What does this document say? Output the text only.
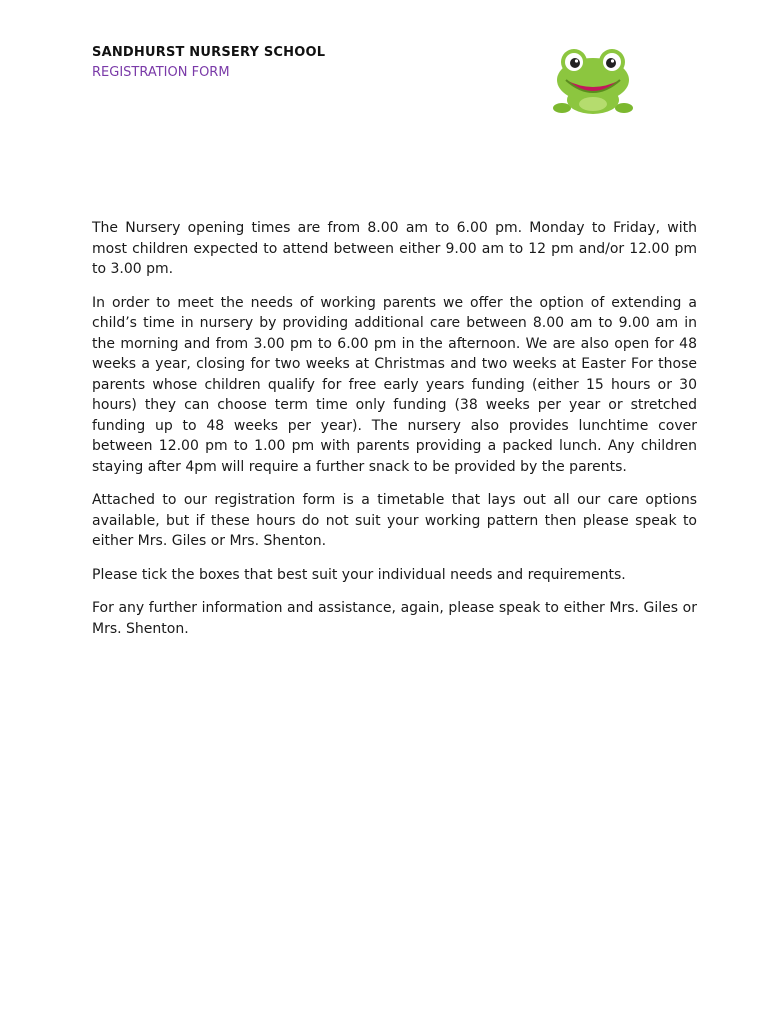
SANDHURST NURSERY SCHOOL
REGISTRATION FORM

The Nursery opening times are from 8.00 am to 6.00 pm. Monday to Friday, with most children expected to attend between either 9.00 am to 12 pm and/or 12.00 pm to 3.00 pm.

In order to meet the needs of working parents we offer the option of extending a child’s time in nursery by providing additional care between 8.00 am to 9.00 am in the morning and from 3.00 pm to 6.00 pm in the afternoon. We are also open for 48 weeks a year, closing for two weeks at Christmas and two weeks at Easter For those parents whose children qualify for free early years funding (either 15 hours or 30 hours) they can choose term time only funding (38 weeks per year or stretched funding up to 48 weeks per year). The nursery also provides lunchtime cover between 12.00 pm to 1.00 pm with parents providing a packed lunch. Any children staying after 4pm will require a further snack to be provided by the parents.

Attached to our registration form is a timetable that lays out all our care options available, but if these hours do not suit your working pattern then please speak to either Mrs. Giles or Mrs. Shenton.

Please tick the boxes that best suit your individual needs and requirements.

For any further information and assistance, again, please speak to either Mrs. Giles or Mrs. Shenton.
